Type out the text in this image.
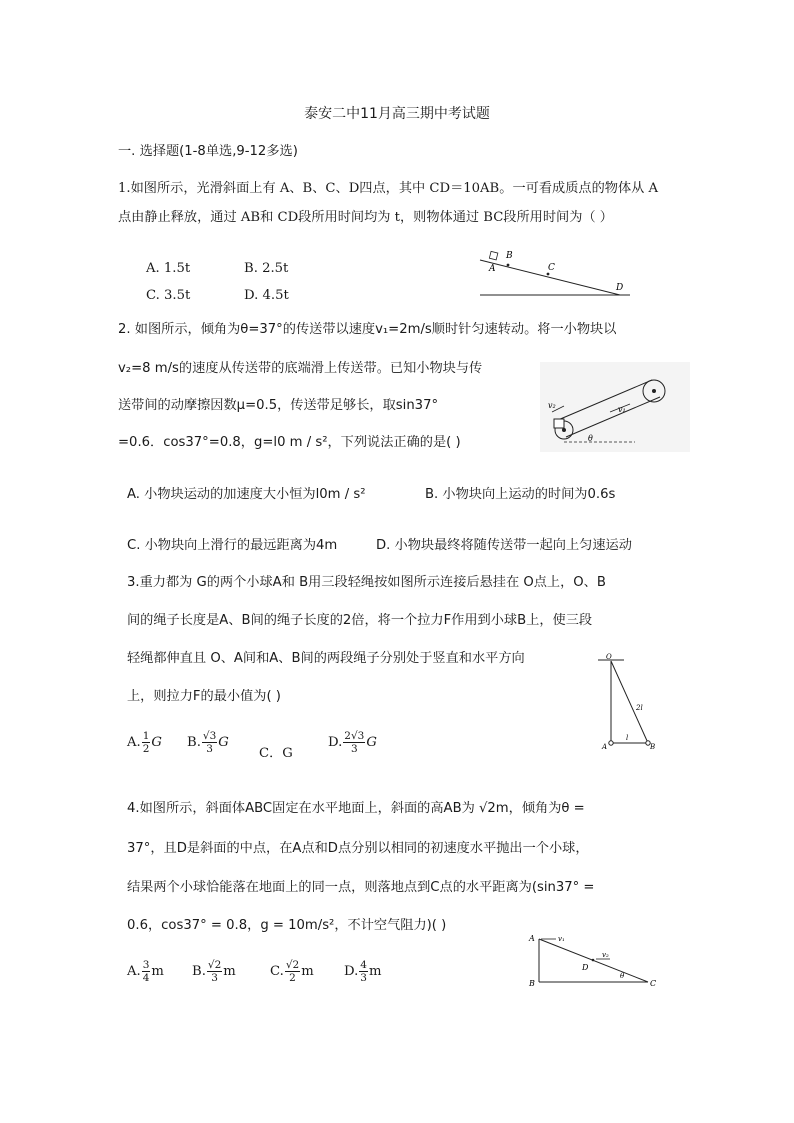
泰安二中11月高三期中考试题
一. 选择题(1-8单选,9-12多选)
1.如图所示，光滑斜面上有 A、B、C、D四点，其中 CD＝10AB。一可看成质点的物体从 A
点由静止释放，通过 AB和 CD段所用时间均为 t，则物体通过 BC段所用时间为（ ）
A. 1.5t	B. 2.5t
C. 3.5t	D. 4.5t
A
B
C
D
2. 如图所示，倾角为θ=37°的传送带以速度v₁=2m/s顺时针匀速转动。将一小物块以
v₂=8 m/s的速度从传送带的底端滑上传送带。已知小物块与传
送带间的动摩擦因数μ=0.5，传送带足够长，取sin37°
=0.6．cos37°=0.8，g=l0 m / s²，下列说法正确的是( )
A. 小物块运动的加速度大小恒为l0m / s²	B. 小物块向上运动的时间为0.6s
C. 小物块向上滑行的最远距离为4m	D. 小物块最终将随传送带一起向上匀速运动
v₂	v₁
θ
3.重力都为 G的两个小球A和 B用三段轻绳按如图所示连接后悬挂在 O点上，O、B
间的绳子长度是A、B间的绳子长度的2倍，将一个拉力F作用到小球B上，使三段
轻绳都伸直且 O、A间和A、B间的两段绳子分别处于竖直和水平方向
上，则拉力F的最小值为( )
A. $\frac{1}{2}$ G B. $\frac{√3}{3}$ G
C．G
D. $\frac{2√3}{3}$ G
O
A	B
2l
l
4.如图所示，斜面体ABC固定在水平地面上，斜面的高AB为 √2m，倾角为θ =
37°，且D是斜面的中点，在A点和D点分别以相同的初速度水平抛出一个小球，
结果两个小球恰能落在地面上的同一点，则落地点到C点的水平距离为(sin37° =
0.6，cos37° = 0.8，g = 10m/s²，不计空气阻力)( )
A. $\frac{3}{4}$ m B. $\frac{√2}{3}$ m	C. $\frac{√2}{2}$ m D. $\frac{4}{3}$ m
A
B	C
D
v₁
v₂
θ
